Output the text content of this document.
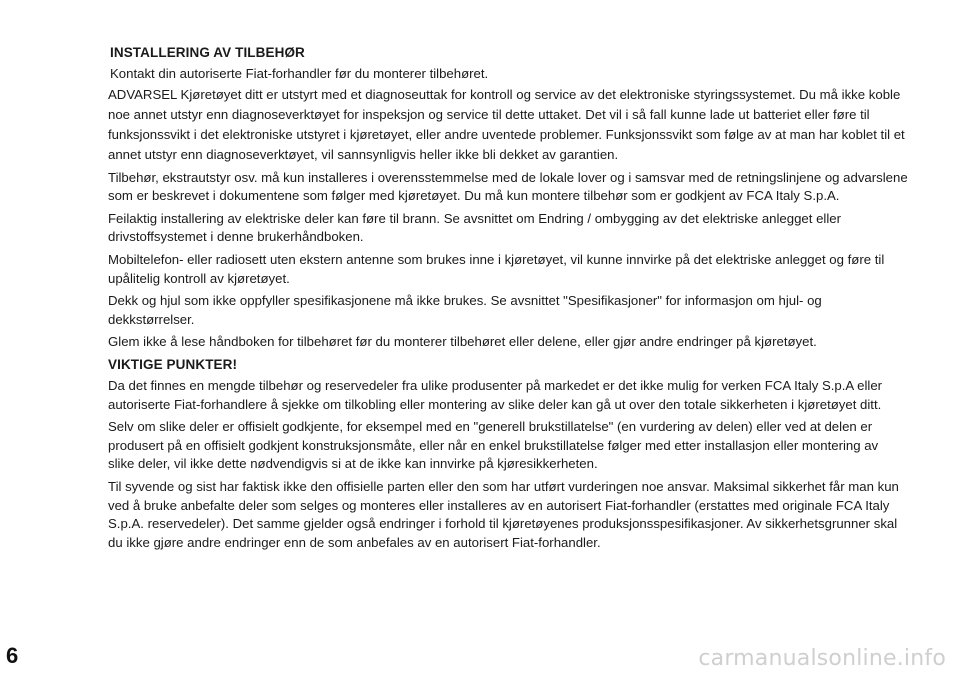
INSTALLERING AV TILBEHØR

Kontakt din autoriserte Fiat-forhandler før du monterer tilbehøret.

ADVARSEL Kjøretøyet ditt er utstyrt med et diagnoseuttak for kontroll og service av det elektroniske styringssystemet. Du må ikke koble noe annet utstyr enn diagnoseverktøyet for inspeksjon og service til dette uttaket. Det vil i så fall kunne lade ut batteriet eller føre til funksjonssvikt i det elektroniske utstyret i kjøretøyet, eller andre uventede problemer. Funksjonssvikt som følge av at man har koblet til et annet utstyr enn diagnoseverktøyet, vil sannsynligvis heller ikke bli dekket av garantien.

Tilbehør, ekstrautstyr osv. må kun installeres i overensstemmelse med de lokale lover og i samsvar med de retningslinjene og advarslene som er beskrevet i dokumentene som følger med kjøretøyet. Du må kun montere tilbehør som er godkjent av FCA Italy S.p.A.

Feilaktig installering av elektriske deler kan føre til brann. Se avsnittet om Endring / ombygging av det elektriske anlegget eller drivstoffsystemet i denne brukerhåndboken.

Mobiltelefon- eller radiosett uten ekstern antenne som brukes inne i kjøretøyet, vil kunne innvirke på det elektriske anlegget og føre til upålitelig kontroll av kjøretøyet.

Dekk og hjul som ikke oppfyller spesifikasjonene må ikke brukes. Se avsnittet "Spesifikasjoner" for informasjon om hjul- og dekkstørrelser.

Glem ikke å lese håndboken for tilbehøret før du monterer tilbehøret eller delene, eller gjør andre endringer på kjøretøyet.

VIKTIGE PUNKTER!

Da det finnes en mengde tilbehør og reservedeler fra ulike produsenter på markedet er det ikke mulig for verken FCA Italy S.p.A eller autoriserte Fiat-forhandlere å sjekke om tilkobling eller montering av slike deler kan gå ut over den totale sikkerheten i kjøretøyet ditt.

Selv om slike deler er offisielt godkjente, for eksempel med en "generell brukstillatelse" (en vurdering av delen) eller ved at delen er produsert på en offisielt godkjent konstruksjonsmåte, eller når en enkel brukstillatelse følger med etter installasjon eller montering av slike deler, vil ikke dette nødvendigvis si at de ikke kan innvirke på kjøresikkerheten.

Til syvende og sist har faktisk ikke den offisielle parten eller den som har utført vurderingen noe ansvar. Maksimal sikkerhet får man kun ved å bruke anbefalte deler som selges og monteres eller installeres av en autorisert Fiat-forhandler (erstattes med originale FCA Italy S.p.A. reservedeler). Det samme gjelder også endringer i forhold til kjøretøyenes produksjonsspesifikasjoner. Av sikkerhetsgrunner skal du ikke gjøre andre endringer enn de som anbefales av en autorisert Fiat-forhandler.

6	carmanualsonline.info
